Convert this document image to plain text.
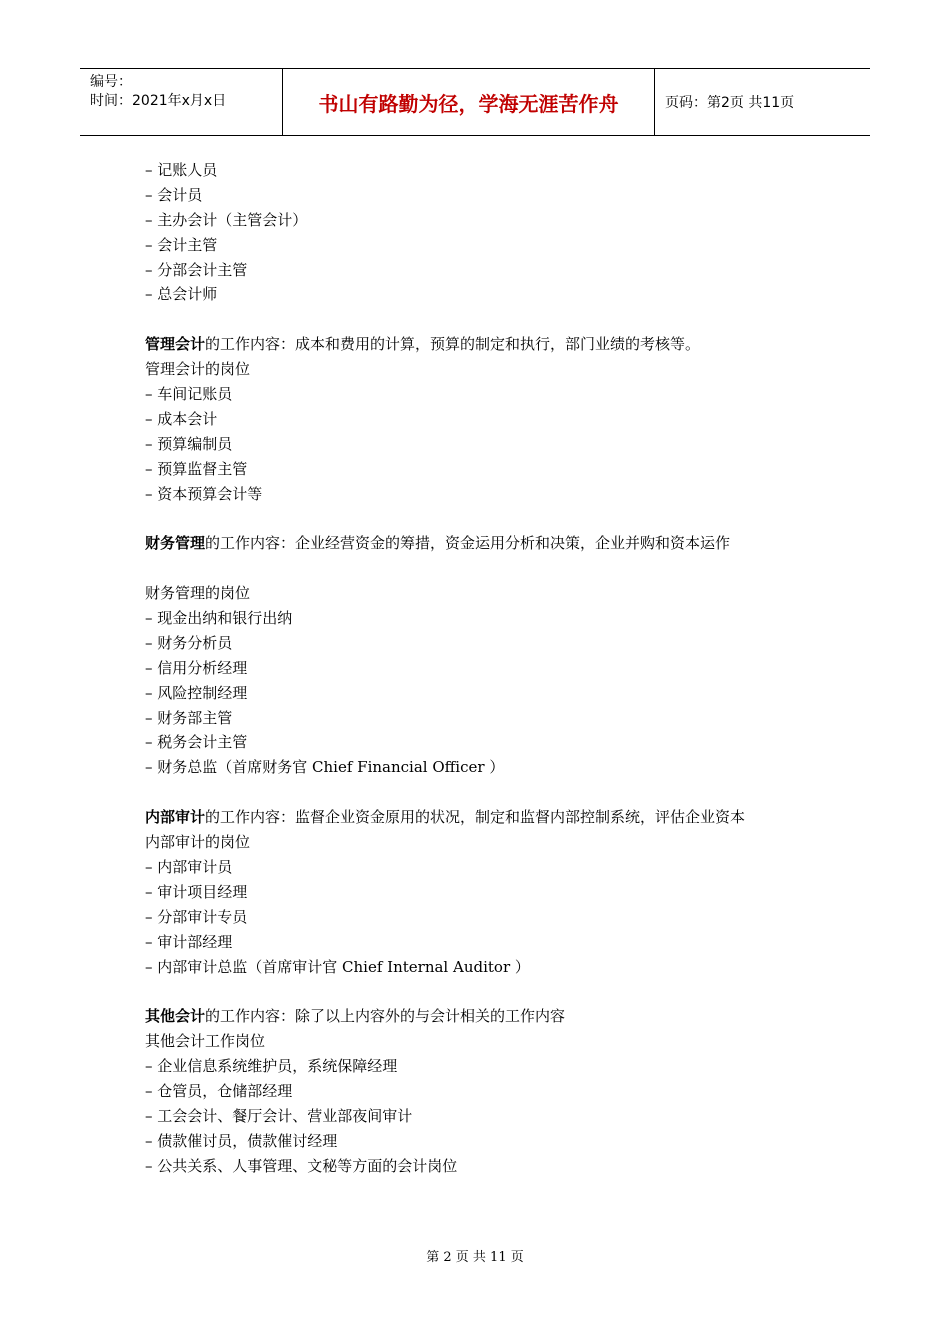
编号：
时间：2021年x月x日	书山有路勤为径，学海无涯苦作舟	页码：第2页 共11页
– 记账人员
– 会计员
– 主办会计（主管会计）
– 会计主管
– 分部会计主管
– 总会计师
管理会计的工作内容：成本和费用的计算，预算的制定和执行，部门业绩的考核等。
管理会计的岗位
– 车间记账员
– 成本会计
– 预算编制员
– 预算监督主管
– 资本预算会计等
财务管理的工作内容：企业经营资金的筹措，资金运用分析和决策，企业并购和资本运作
财务管理的岗位
– 现金出纳和银行出纳
– 财务分析员
– 信用分析经理
– 风险控制经理
– 财务部主管
– 税务会计主管
– 财务总监（首席财务官 Chief Financial Officer ）
内部审计的工作内容：监督企业资金原用的状况，制定和监督内部控制系统，评估企业资本
内部审计的岗位
– 内部审计员
– 审计项目经理
– 分部审计专员
– 审计部经理
– 内部审计总监（首席审计官 Chief Internal Auditor ）
其他会计的工作内容：除了以上内容外的与会计相关的工作内容
其他会计工作岗位
– 企业信息系统维护员，系统保障经理
– 仓管员，仓储部经理
– 工会会计、餐厅会计、营业部夜间审计
– 债款催讨员，债款催讨经理
– 公共关系、人事管理、文秘等方面的会计岗位
第 2 页 共 11 页
